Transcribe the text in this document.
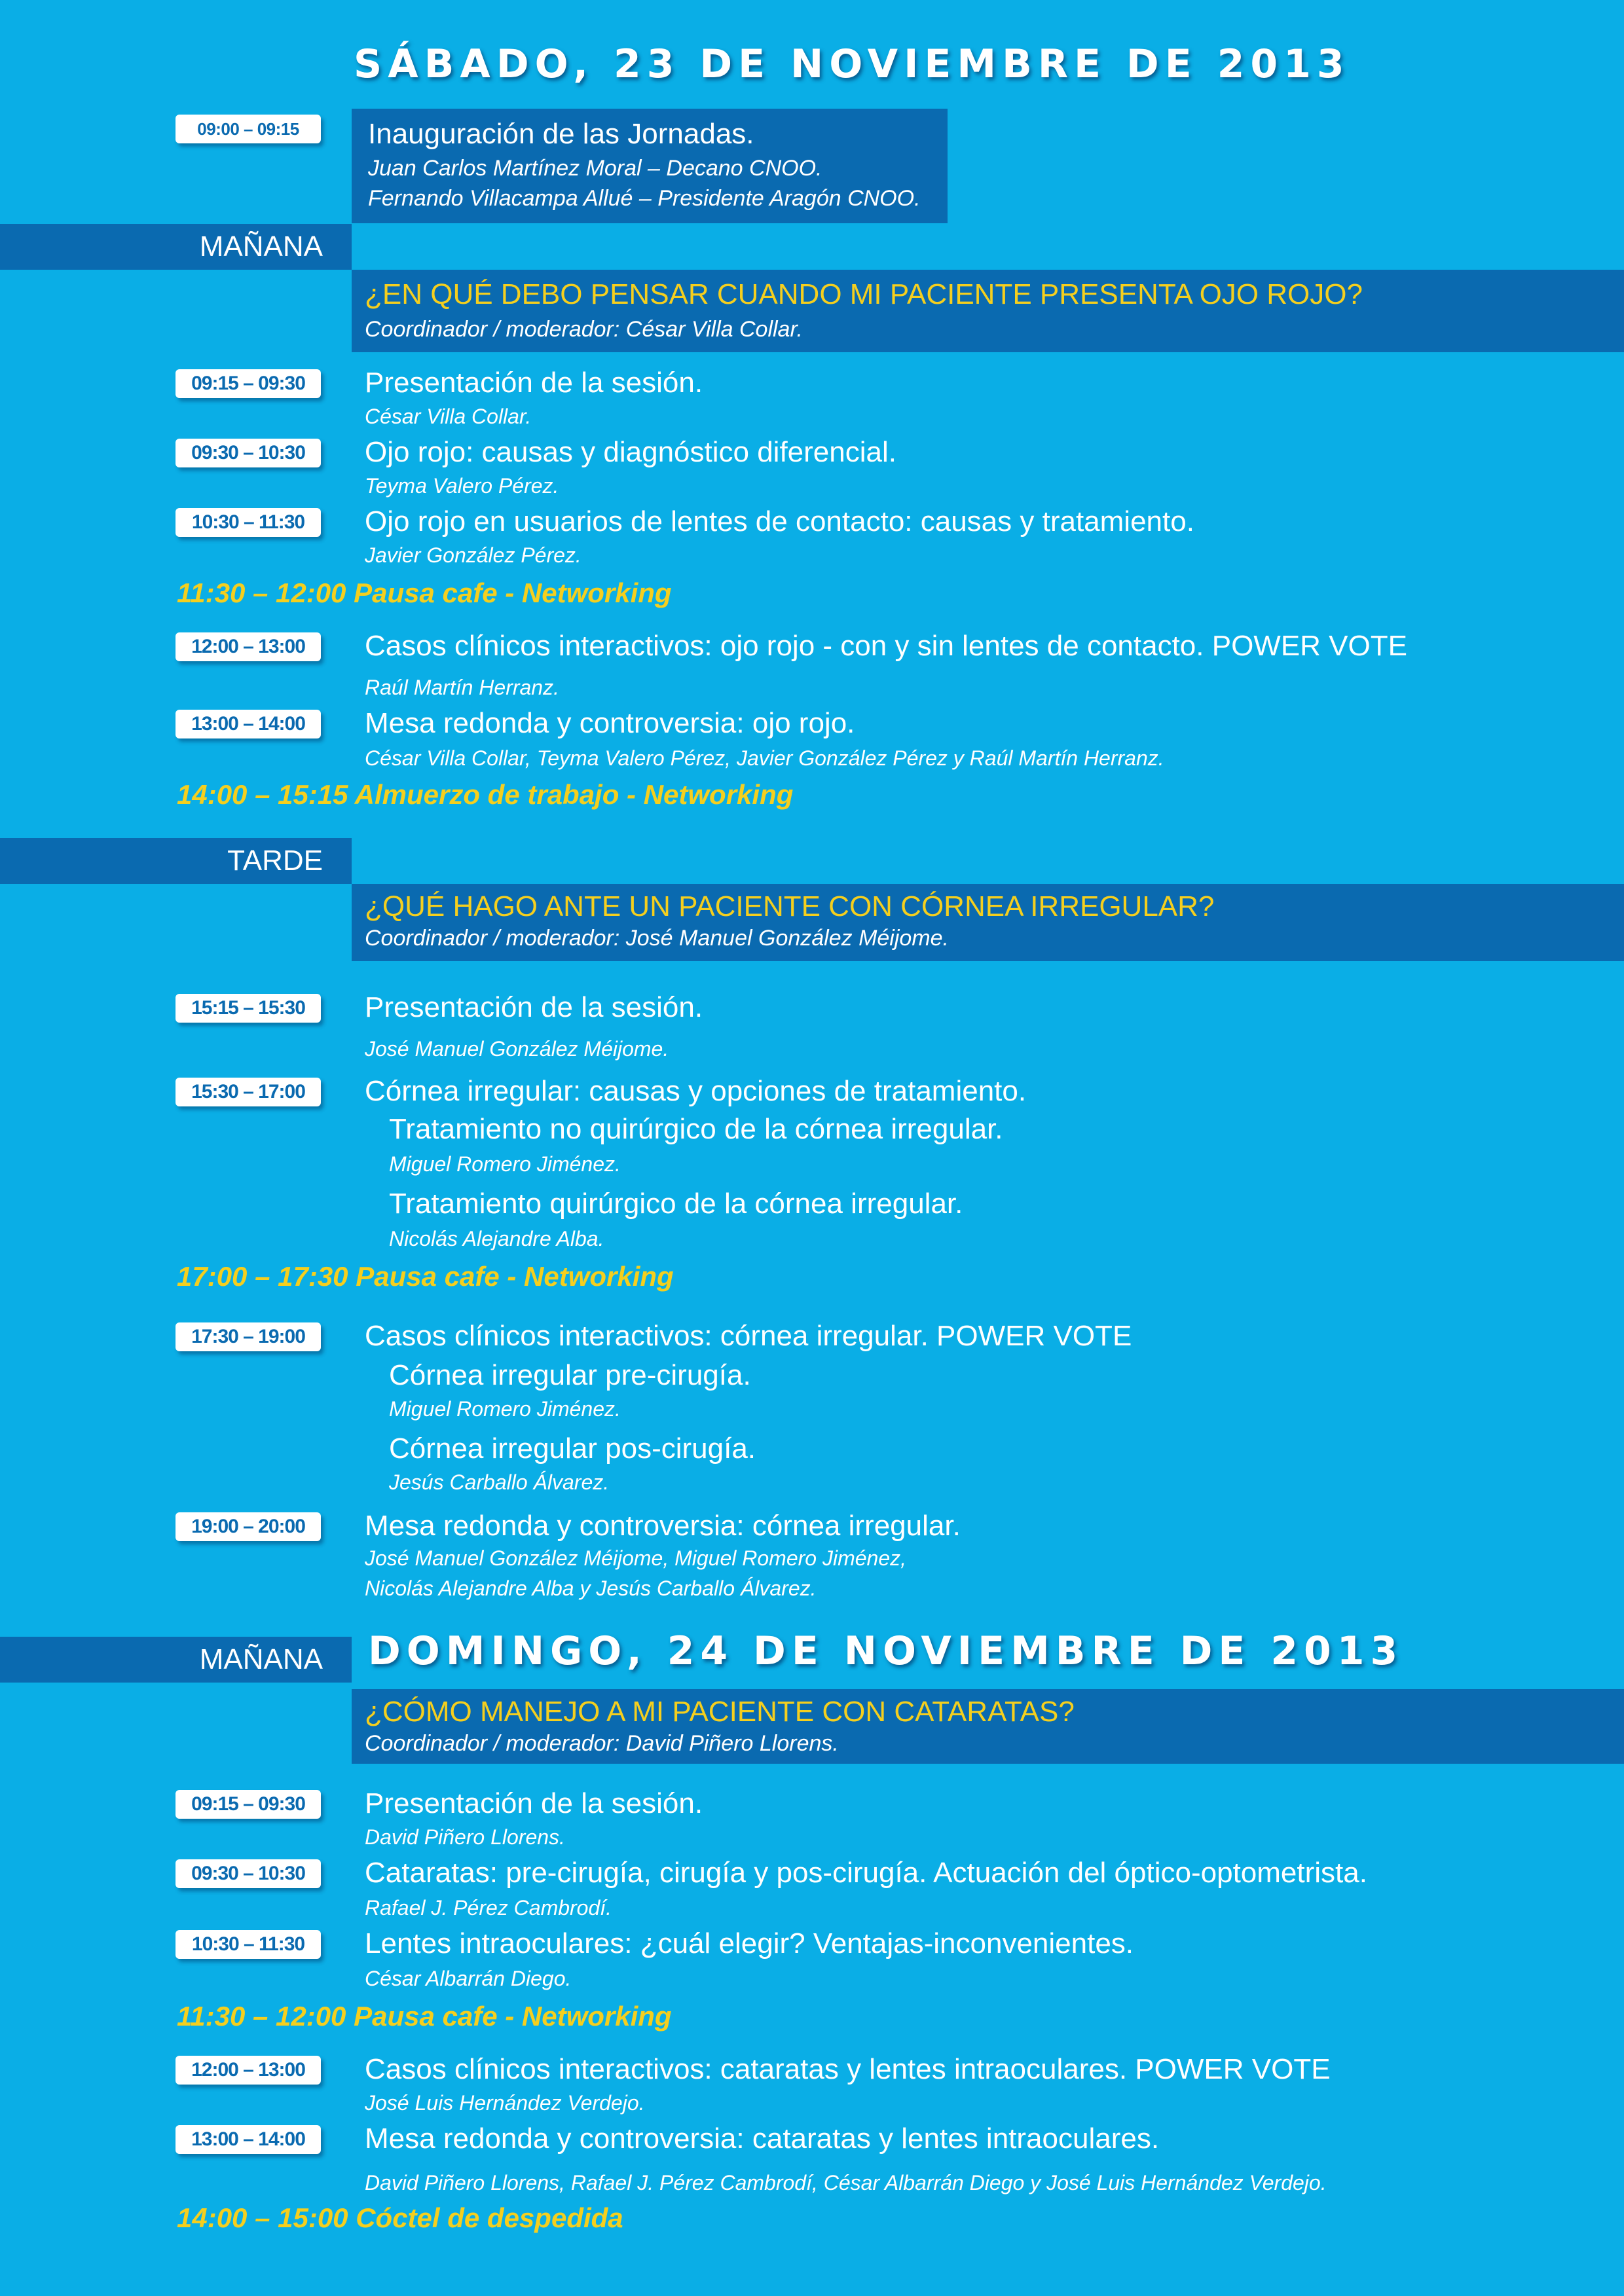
SÁBADO, 23 DE NOVIEMBRE DE 2013
09:00 – 09:15	Inauguración de las Jornadas.
Juan Carlos Martínez Moral – Decano CNOO.
Fernando Villacampa Allué – Presidente Aragón CNOO.
MAÑANA
¿EN QUÉ DEBO PENSAR CUANDO MI PACIENTE PRESENTA OJO ROJO?
Coordinador / moderador: César Villa Collar.
09:15 – 09:30	Presentación de la sesión.
César Villa Collar.
09:30 – 10:30	Ojo rojo: causas y diagnóstico diferencial.
Teyma Valero Pérez.
10:30 – 11:30	Ojo rojo en usuarios de lentes de contacto: causas y tratamiento.
Javier González Pérez.
11:30 – 12:00 Pausa cafe - Networking
12:00 – 13:00	Casos clínicos interactivos: ojo rojo - con y sin lentes de contacto. POWER VOTE
Raúl Martín Herranz.
13:00 – 14:00	Mesa redonda y controversia: ojo rojo.
César Villa Collar, Teyma Valero Pérez, Javier González Pérez y Raúl Martín Herranz.
14:00 – 15:15 Almuerzo de trabajo - Networking
TARDE
¿QUÉ HAGO ANTE UN PACIENTE CON CÓRNEA IRREGULAR?
Coordinador / moderador: José Manuel González Méijome.
15:15 – 15:30	Presentación de la sesión.
José Manuel González Méijome.
15:30 – 17:00	Córnea irregular: causas y opciones de tratamiento.
Tratamiento no quirúrgico de la córnea irregular.
Miguel Romero Jiménez.
Tratamiento quirúrgico de la córnea irregular.
Nicolás Alejandre Alba.
17:00 – 17:30 Pausa cafe - Networking
17:30 – 19:00	Casos clínicos interactivos: córnea irregular. POWER VOTE
Córnea irregular pre-cirugía.
Miguel Romero Jiménez.
Córnea irregular pos-cirugía.
Jesús Carballo Álvarez.
19:00 – 20:00	Mesa redonda y controversia: córnea irregular.
José Manuel González Méijome, Miguel Romero Jiménez,
Nicolás Alejandre Alba y Jesús Carballo Álvarez.
MAÑANA	DOMINGO, 24 DE NOVIEMBRE DE 2013
¿CÓMO MANEJO A MI PACIENTE CON CATARATAS?
Coordinador / moderador: David Piñero Llorens.
09:15 – 09:30	Presentación de la sesión.
David Piñero Llorens.
09:30 – 10:30	Cataratas: pre-cirugía, cirugía y pos-cirugía. Actuación del óptico-optometrista.
Rafael J. Pérez Cambrodí.
10:30 – 11:30	Lentes intraoculares: ¿cuál elegir? Ventajas-inconvenientes.
César Albarrán Diego.
11:30 – 12:00 Pausa cafe - Networking
12:00 – 13:00	Casos clínicos interactivos: cataratas y lentes intraoculares. POWER VOTE
José Luis Hernández Verdejo.
13:00 – 14:00	Mesa redonda y controversia: cataratas y lentes intraoculares.
David Piñero Llorens, Rafael J. Pérez Cambrodí, César Albarrán Diego y José Luis Hernández Verdejo.
14:00 – 15:00 Cóctel de despedida
